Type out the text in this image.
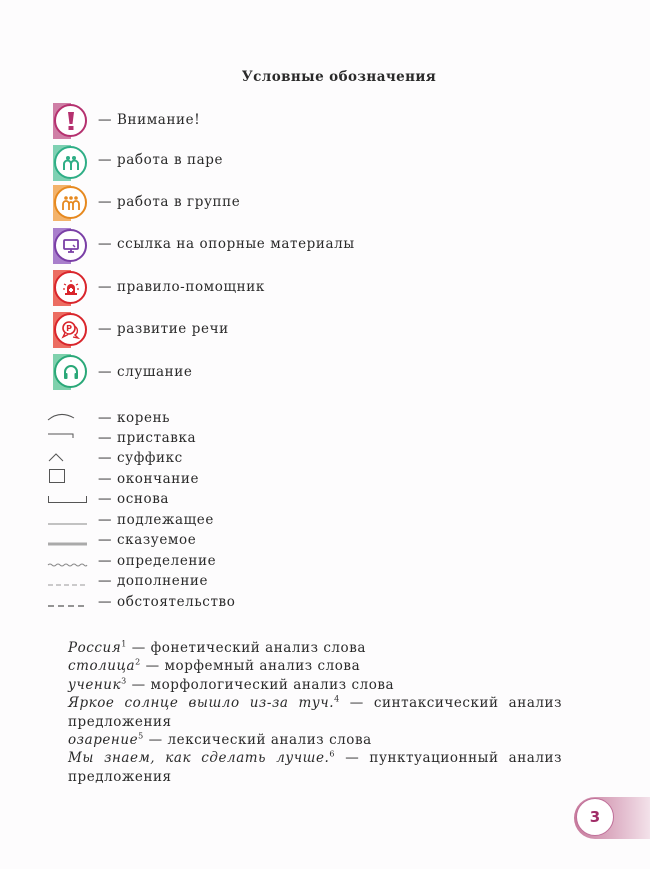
Условные обозначения
— Внимание!
— работа в паре
— работа в группе
— ссылка на опорные материалы
— правило-помощник
P — развитие речи
— слушание
— корень
— приставка
— суффикс
— окончание
— основа
— подлежащее
— сказуемое
— определение
— дополнение
— обстоятельство

Россия$^1$ — фонетический анализ слова

столица$^2$ — морфемный анализ слова

ученик$^3$ — морфологический анализ слова

Яркое солнце вышло из-за туч.$^4$ — синтаксический анализ предложения

озарение$^5$ — лексический анализ слова

Мы знаем, как сделать лучше.$^6$ — пунктуационный анализ предложения

3
